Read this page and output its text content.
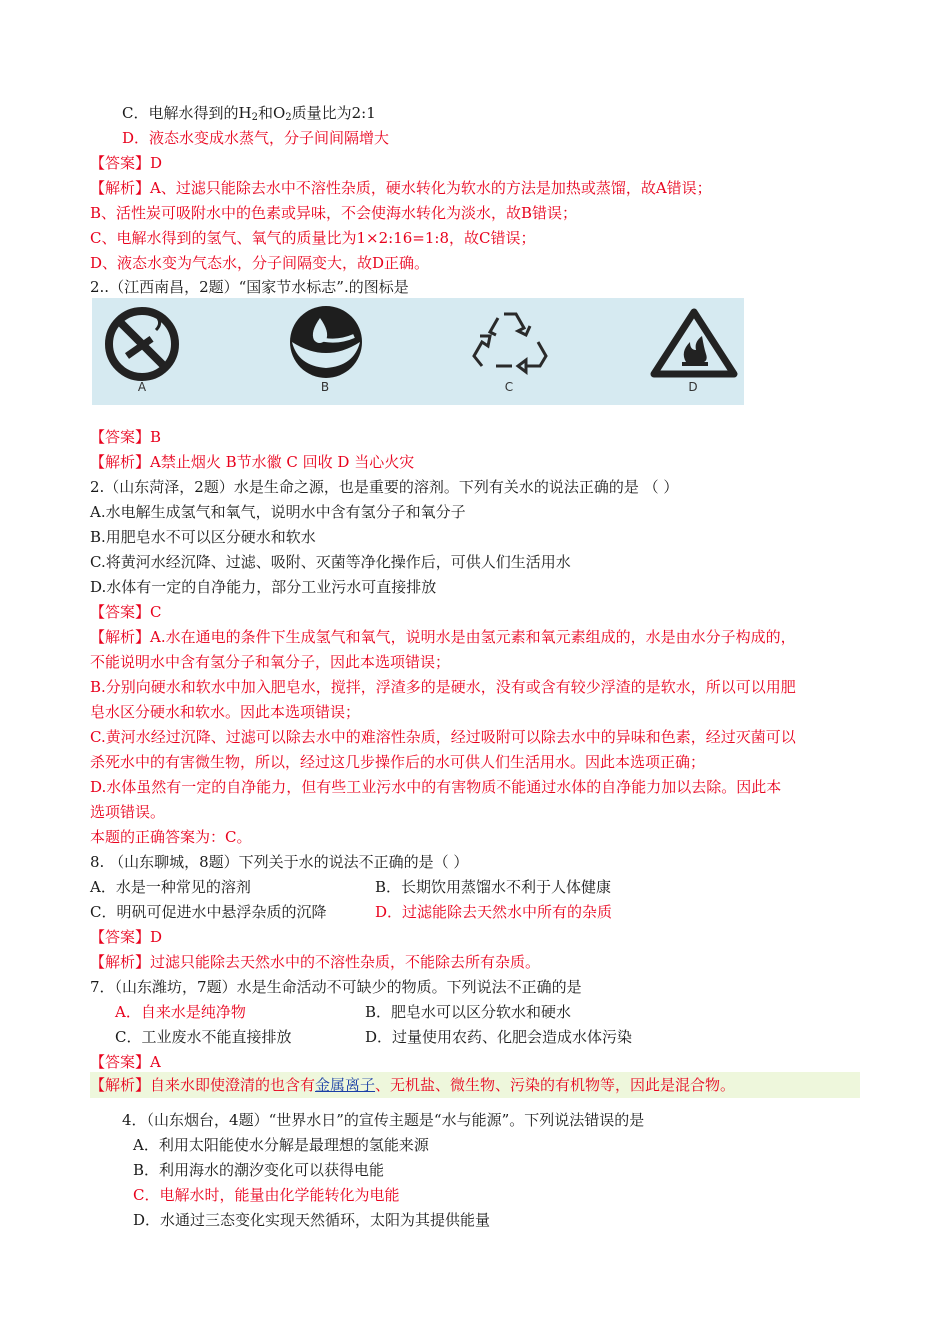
C．电解水得到的$H_2$和$O_2$质量比为2:1
D．液态水变成水蒸气，分子间间隔增大
【答案】D
【解析】A、过滤只能除去水中不溶性杂质，硬水转化为软水的方法是加热或蒸馏，故A错误；
B、活性炭可吸附水中的色素或异味，不会使海水转化为淡水，故B错误；
C、电解水得到的氢气、氧气的质量比为1×2:16=1:8，故C错误；
D、液态水变为气态水，分子间隔变大，故D正确。
2..（江西南昌，2题）“国家节水标志”.的图标是
A	B	C	D
【答案】B
【解析】A禁止烟火 B节水徽 C 回收 D 当心火灾
2.（山东菏泽，2题）水是生命之源，也是重要的溶剂。下列有关水的说法正确的是 （ ）
A.水电解生成氢气和氧气，说明水中含有氢分子和氧分子
B.用肥皂水不可以区分硬水和软水
C.将黄河水经沉降、过滤、吸附、灭菌等净化操作后，可供人们生活用水
D.水体有一定的自净能力，部分工业污水可直接排放
【答案】C
【解析】A.水在通电的条件下生成氢气和氧气，说明水是由氢元素和氧元素组成的，水是由水分子构成的，
不能说明水中含有氢分子和氧分子，因此本选项错误；
B.分别向硬水和软水中加入肥皂水，搅拌，浮渣多的是硬水，没有或含有较少浮渣的是软水，所以可以用肥
皂水区分硬水和软水。因此本选项错误；
C.黄河水经过沉降、过滤可以除去水中的难溶性杂质，经过吸附可以除去水中的异味和色素，经过灭菌可以
杀死水中的有害微生物，所以，经过这几步操作后的水可供人们生活用水。因此本选项正确；
D.水体虽然有一定的自净能力，但有些工业污水中的有害物质不能通过水体的自净能力加以去除。因此本
选项错误。
本题的正确答案为：C。
8. （山东聊城，8题）下列关于水的说法不正确的是（ ）
A．水是一种常见的溶剂	B．长期饮用蒸馏水不利于人体健康
C．明矾可促进水中悬浮杂质的沉降	D．过滤能除去天然水中所有的杂质
【答案】D
【解析】过滤只能除去天然水中的不溶性杂质，不能除去所有杂质。
7．（山东潍坊，7题）水是生命活动不可缺少的物质。下列说法不正确的是
A．自来水是纯净物	B．肥皂水可以区分软水和硬水
C．工业废水不能直接排放	D．过量使用农药、化肥会造成水体污染
【答案】A
【解析】自来水即使澄清的也含有金属离子、无机盐、微生物、污染的有机物等，因此是混合物。
4．（山东烟台，4题）“世界水日”的宣传主题是“水与能源”。下列说法错误的是
A．利用太阳能使水分解是最理想的氢能来源
B．利用海水的潮汐变化可以获得电能
C．电解水时，能量由化学能转化为电能
D．水通过三态变化实现天然循环，太阳为其提供能量
